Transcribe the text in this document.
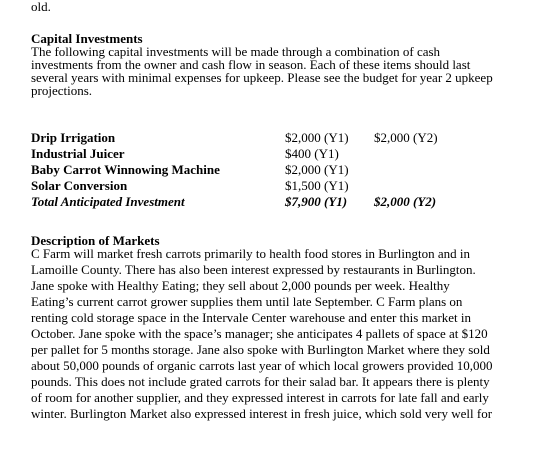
old.
Capital Investments
The following capital investments will be made through a combination of cash
investments from the owner and cash flow in season. Each of these items should last
several years with minimal expenses for upkeep. Please see the budget for year 2 upkeep
projections.
Drip Irrigation	$2,000 (Y1) $2,000 (Y2)
Industrial Juicer	$400 (Y1)
Baby Carrot Winnowing Machine	$2,000 (Y1)
Solar Conversion	$1,500 (Y1)
Total Anticipated Investment	$7,900 (Y1) $2,000 (Y2)
Description of Markets
C Farm will market fresh carrots primarily to health food stores in Burlington and in
Lamoille County. There has also been interest expressed by restaurants in Burlington.
Jane spoke with Healthy Eating; they sell about 2,000 pounds per week. Healthy
Eating’s current carrot grower supplies them until late September. C Farm plans on
renting cold storage space in the Intervale Center warehouse and enter this market in
October. Jane spoke with the space’s manager; she anticipates 4 pallets of space at $120
per pallet for 5 months storage. Jane also spoke with Burlington Market where they sold
about 50,000 pounds of organic carrots last year of which local growers provided 10,000
pounds. This does not include grated carrots for their salad bar. It appears there is plenty
of room for another supplier, and they expressed interest in carrots for late fall and early
winter. Burlington Market also expressed interest in fresh juice, which sold very well for
